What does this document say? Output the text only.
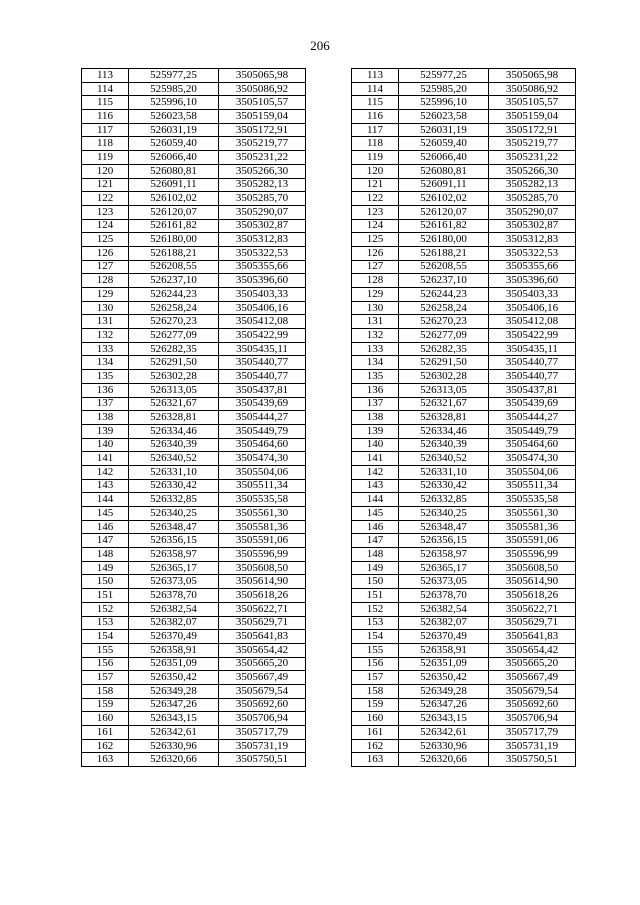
206
113	525977,25	3505065,98		113	525977,25	3505065,98
114	525985,20	3505086,92		114	525985,20	3505086,92
115	525996,10	3505105,57		115	525996,10	3505105,57
116	526023,58	3505159,04		116	526023,58	3505159,04
117	526031,19	3505172,91		117	526031,19	3505172,91
118	526059,40	3505219,77		118	526059,40	3505219,77
119	526066,40	3505231,22		119	526066,40	3505231,22
120	526080,81	3505266,30		120	526080,81	3505266,30
121	526091,11	3505282,13		121	526091,11	3505282,13
122	526102,02	3505285,70		122	526102,02	3505285,70
123	526120,07	3505290,07		123	526120,07	3505290,07
124	526161,82	3505302,87		124	526161,82	3505302,87
125	526180,00	3505312,83		125	526180,00	3505312,83
126	526188,21	3505322,53		126	526188,21	3505322,53
127	526208,55	3505355,66		127	526208,55	3505355,66
128	526237,10	3505396,60		128	526237,10	3505396,60
129	526244,23	3505403,33		129	526244,23	3505403,33
130	526258,24	3505406,16		130	526258,24	3505406,16
131	526270,23	3505412,08		131	526270,23	3505412,08
132	526277,09	3505422,99		132	526277,09	3505422,99
133	526282,35	3505435,11		133	526282,35	3505435,11
134	526291,50	3505440,77		134	526291,50	3505440,77
135	526302,28	3505440,77		135	526302,28	3505440,77
136	526313,05	3505437,81		136	526313,05	3505437,81
137	526321,67	3505439,69		137	526321,67	3505439,69
138	526328,81	3505444,27		138	526328,81	3505444,27
139	526334,46	3505449,79		139	526334,46	3505449,79
140	526340,39	3505464,60		140	526340,39	3505464,60
141	526340,52	3505474,30		141	526340,52	3505474,30
142	526331,10	3505504,06		142	526331,10	3505504,06
143	526330,42	3505511,34		143	526330,42	3505511,34
144	526332,85	3505535,58		144	526332,85	3505535,58
145	526340,25	3505561,30		145	526340,25	3505561,30
146	526348,47	3505581,36		146	526348,47	3505581,36
147	526356,15	3505591,06		147	526356,15	3505591,06
148	526358,97	3505596,99		148	526358,97	3505596,99
149	526365,17	3505608,50		149	526365,17	3505608,50
150	526373,05	3505614,90		150	526373,05	3505614,90
151	526378,70	3505618,26		151	526378,70	3505618,26
152	526382,54	3505622,71		152	526382,54	3505622,71
153	526382,07	3505629,71		153	526382,07	3505629,71
154	526370,49	3505641,83		154	526370,49	3505641,83
155	526358,91	3505654,42		155	526358,91	3505654,42
156	526351,09	3505665,20		156	526351,09	3505665,20
157	526350,42	3505667,49		157	526350,42	3505667,49
158	526349,28	3505679,54		158	526349,28	3505679,54
159	526347,26	3505692,60		159	526347,26	3505692,60
160	526343,15	3505706,94		160	526343,15	3505706,94
161	526342,61	3505717,79		161	526342,61	3505717,79
162	526330,96	3505731,19		162	526330,96	3505731,19
163	526320,66	3505750,51		163	526320,66	3505750,51
